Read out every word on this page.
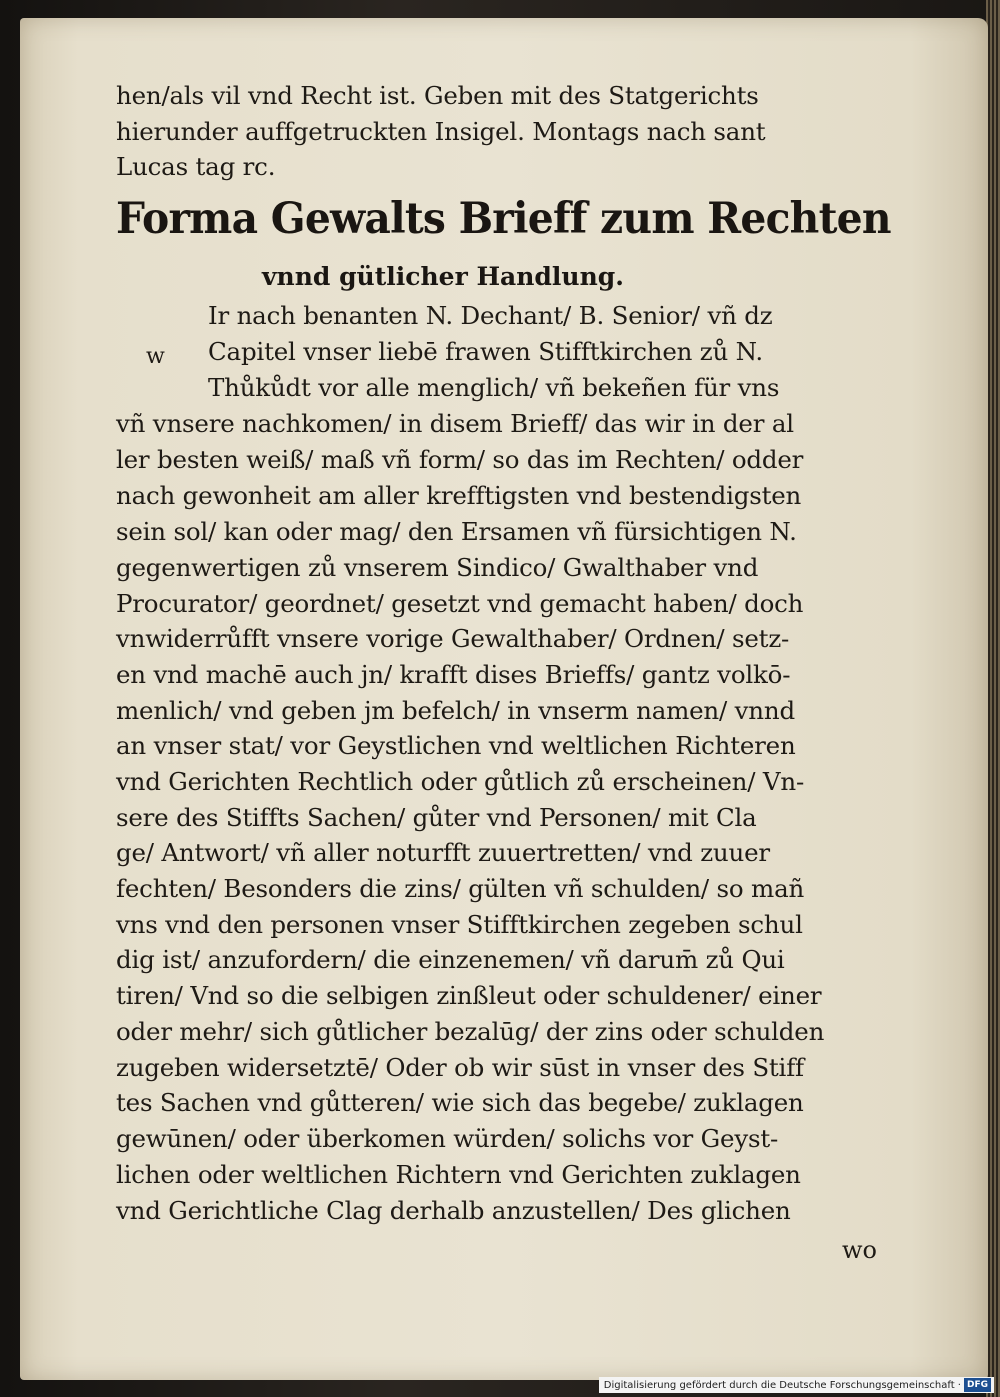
hen/als vil vnd Recht ist. Geben mit des Statgerichts
hierunder auffgetruckten Insigel. Montags nach sant
Lucas tag rc.
Forma Gewalts Brieff zum Rechten
vnnd gütlicher Handlung.
w
Ir nach benanten N. Dechant/ B. Senior/ vñ dz
Capitel vnser liebē frawen Stifftkirchen zů N.
Thůkůdt vor alle menglich/ vñ bekeñen für vns
vñ vnsere nachkomen/ in disem Brieff/ das wir in der al
ler besten weiß/ maß vñ form/ so das im Rechten/ odder
nach gewonheit am aller krefftigsten vnd bestendigsten
sein sol/ kan oder mag/ den Ersamen vñ fürsichtigen N.
gegenwertigen zů vnserem Sindico/ Gwalthaber vnd
Procurator/ geordnet/ gesetzt vnd gemacht haben/ doch
vnwiderrůfft vnsere vorige Gewalthaber/ Ordnen/ setz-
en vnd machē auch jn/ krafft dises Brieffs/ gantz volkō-
menlich/ vnd geben jm befelch/ in vnserm namen/ vnnd
an vnser stat/ vor Geystlichen vnd weltlichen Richteren
vnd Gerichten Rechtlich oder gůtlich zů erscheinen/ Vn-
sere des Stiffts Sachen/ gůter vnd Personen/ mit Cla
ge/ Antwort/ vñ aller noturfft zuuertretten/ vnd zuuer
fechten/ Besonders die zins/ gülten vñ schulden/ so mañ
vns vnd den personen vnser Stifftkirchen zegeben schul
dig ist/ anzufordern/ die einzenemen/ vñ darum̄ zů Qui
tiren/ Vnd so die selbigen zinßleut oder schuldener/ einer
oder mehr/ sich gůtlicher bezalūg/ der zins oder schulden
zugeben widersetztē/ Oder ob wir sūst in vnser des Stiff
tes Sachen vnd gůtteren/ wie sich das begebe/ zuklagen
gewūnen/ oder überkomen würden/ solichs vor Geyst-
lichen oder weltlichen Richtern vnd Gerichten zuklagen
vnd Gerichtliche Clag derhalb anzustellen/ Des glichen
wo
Digitalisierung gefördert durch die Deutsche Forschungsgemeinschaft · DFG
